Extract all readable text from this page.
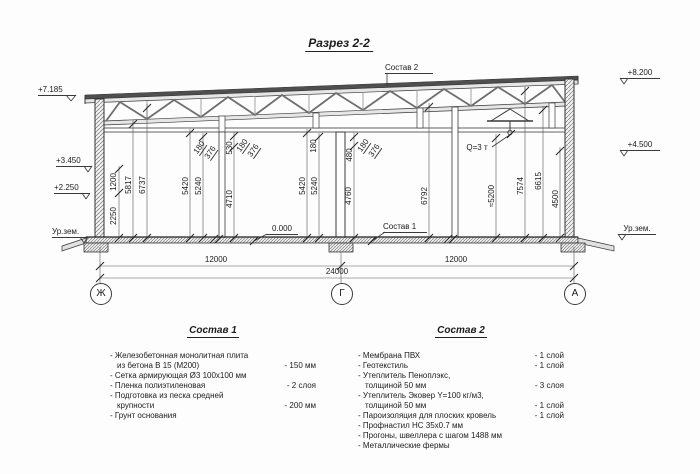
Разрез 2-2
Состав 2
Состав 1
Q=3 т
0.000
+7.185
+3.450
+2.250
Ур.зем.
+8.200
+4.500
Ур.зем.
2250
1200 5817 6737	5420 5240
4710
530
180
376 180
376
5420 5240
180
480
4760
180
376
6792	≈5200	7574 6615
4500
12000
24000
12000
Ж	Г	А
Состав 1
- Железобетонная монолитная плита
из бетона В 15 (М200)	- 150 мм
- Сетка армирующая Ø3 100х100 мм
- Пленка полиэтиленовая	- 2 слоя
- Подготовка из песка средней
крупности	- 200 мм
- Грунт основания
Состав 2
- Мембрана ПВХ	- 1 слой
- Геотекстиль	- 1 слой
- Утеплитель Пеноплэкс,
толщиной 50 мм	- 3 слоя
- Утеплитель Эковер Y=100 кг/м3,
толщиной 50 мм	- 1 слой
- Пароизоляция для плоских кровель	- 1 слой
- Профнастил НС 35х0.7 мм
- Прогоны, швеллера с шагом 1488 мм
- Металлические фермы
